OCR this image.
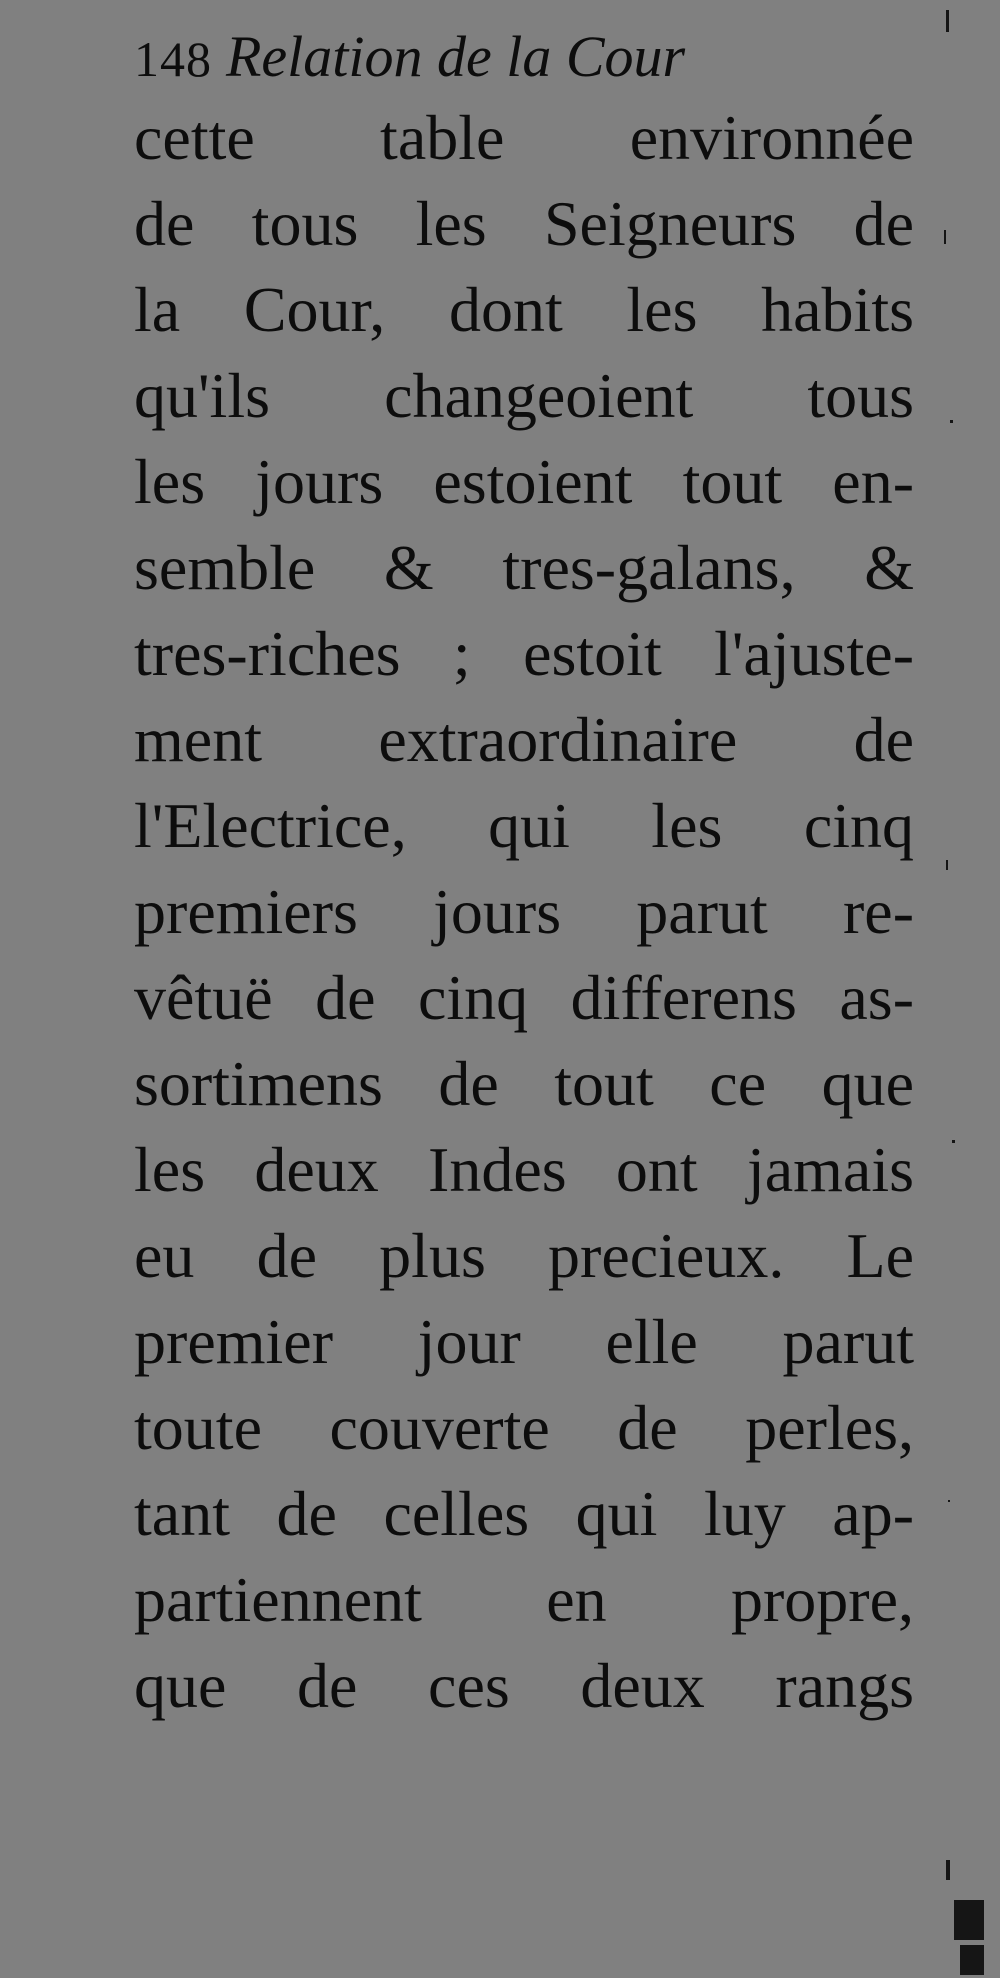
148 Relation de la Cour
cette table environnée
de tous les Seigneurs de
la Cour, dont les habits
qu'ils changeoient tous
les jours estoient tout en-
semble & tres-galans, &
tres-riches ; estoit l'ajuste-
ment extraordinaire de
l'Electrice, qui les cinq
premiers jours parut re-
vêtuë de cinq differens as-
sortimens de tout ce que
les deux Indes ont jamais
eu de plus precieux. Le
premier jour elle parut
toute couverte de perles,
tant de celles qui luy ap-
partiennent en propre,
que de ces deux rangs
